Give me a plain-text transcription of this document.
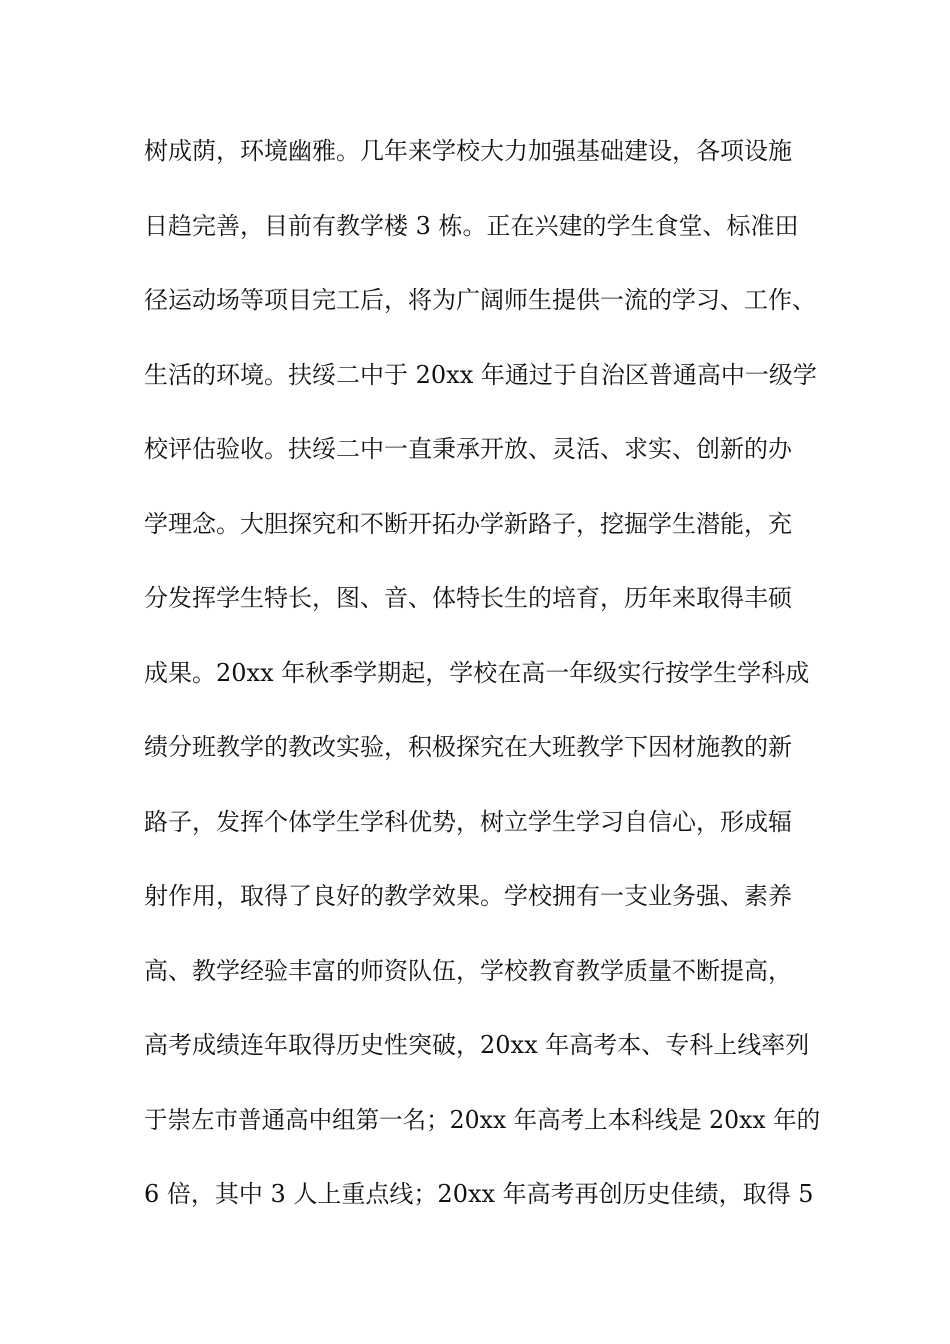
树成荫，环境幽雅。几年来学校大力加强基础建设，各项设施
日趋完善，目前有教学楼 3 栋。正在兴建的学生食堂、标准田
径运动场等项目完工后，将为广阔师生提供一流的学习、工作、
生活的环境。扶绥二中于 20xx 年通过于自治区普通高中一级学
校评估验收。扶绥二中一直秉承开放、灵活、求实、创新的办
学理念。大胆探究和不断开拓办学新路子，挖掘学生潜能，充
分发挥学生特长，图、音、体特长生的培育，历年来取得丰硕
成果。20xx 年秋季学期起，学校在高一年级实行按学生学科成
绩分班教学的教改实验，积极探究在大班教学下因材施教的新
路子，发挥个体学生学科优势，树立学生学习自信心，形成辐
射作用，取得了良好的教学效果。学校拥有一支业务强、素养
高、教学经验丰富的师资队伍，学校教育教学质量不断提高，
高考成绩连年取得历史性突破，20xx 年高考本、专科上线率列
于崇左市普通高中组第一名；20xx 年高考上本科线是 20xx 年的
6 倍，其中 3 人上重点线；20xx 年高考再创历史佳绩，取得 5
